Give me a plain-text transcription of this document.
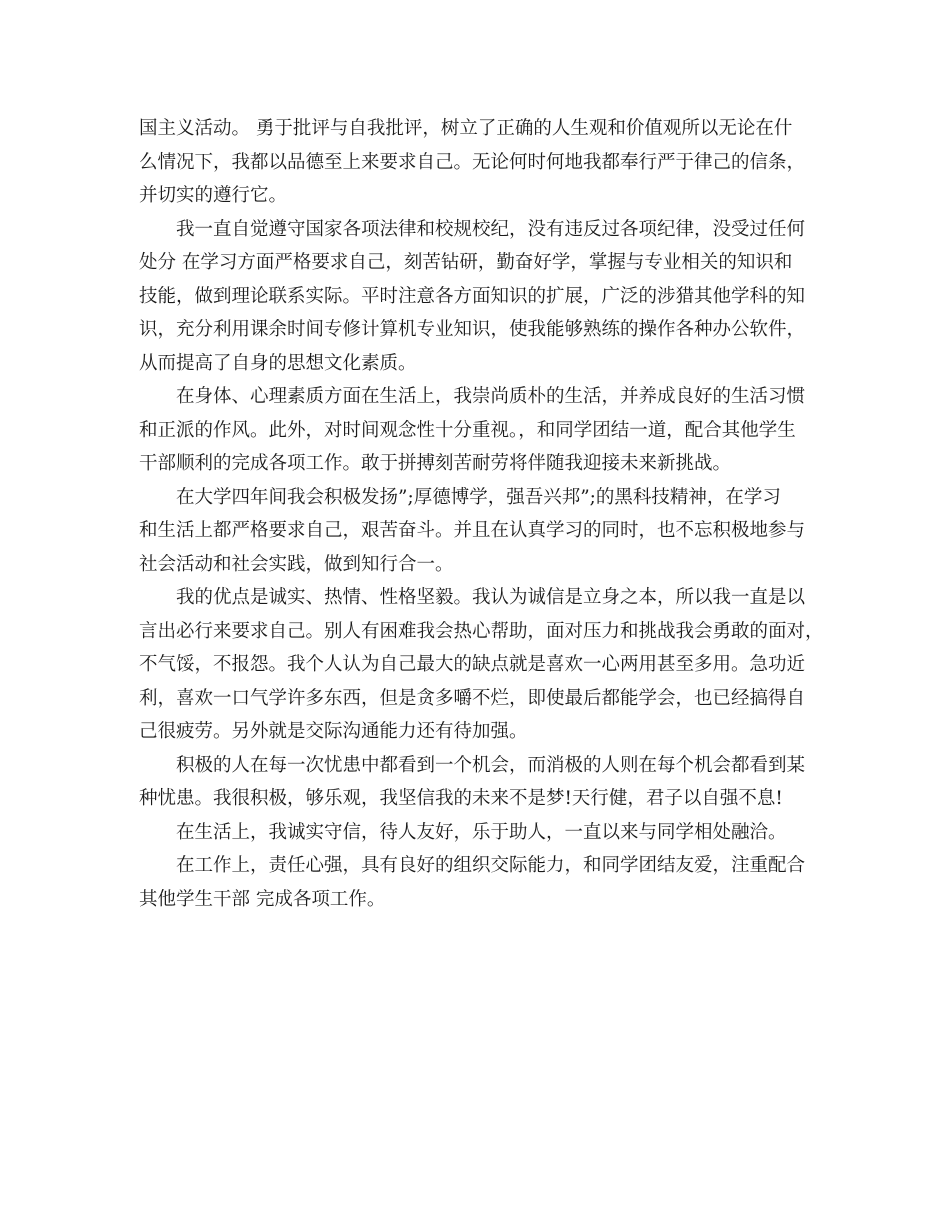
国主义活动。 勇于批评与自我批评，树立了正确的人生观和价值观所以无论在什
么情况下，我都以品德至上来要求自己。无论何时何地我都奉行严于律己的信条，
并切实的遵行它。
我一直自觉遵守国家各项法律和校规校纪，没有违反过各项纪律，没受过任何
处分 在学习方面严格要求自己，刻苦钻研，勤奋好学，掌握与专业相关的知识和
技能，做到理论联系实际。平时注意各方面知识的扩展，广泛的涉猎其他学科的知
识，充分利用课余时间专修计算机专业知识，使我能够熟练的操作各种办公软件，
从而提高了自身的思想文化素质。
在身体、心理素质方面在生活上，我崇尚质朴的生活，并养成良好的生活习惯
和正派的作风。此外，对时间观念性十分重视。，和同学团结一道，配合其他学生
干部顺利的完成各项工作。敢于拼搏刻苦耐劳将伴随我迎接未来新挑战。
在大学四年间我会积极发扬”;厚德博学，强吾兴邦”;的黑科技精神，在学习
和生活上都严格要求自己，艰苦奋斗。并且在认真学习的同时，也不忘积极地参与
社会活动和社会实践，做到知行合一。
我的优点是诚实、热情、性格坚毅。我认为诚信是立身之本，所以我一直是以
言出必行来要求自己。别人有困难我会热心帮助，面对压力和挑战我会勇敢的面对，
不气馁，不报怨。我个人认为自己最大的缺点就是喜欢一心两用甚至多用。急功近
利，喜欢一口气学许多东西，但是贪多嚼不烂，即使最后都能学会，也已经搞得自
己很疲劳。另外就是交际沟通能力还有待加强。
积极的人在每一次忧患中都看到一个机会，而消极的人则在每个机会都看到某
种忧患。我很积极，够乐观，我坚信我的未来不是梦!天行健，君子以自强不息!
在生活上，我诚实守信，待人友好，乐于助人，一直以来与同学相处融洽。
在工作上，责任心强，具有良好的组织交际能力，和同学团结友爱，注重配合
其他学生干部 完成各项工作。
